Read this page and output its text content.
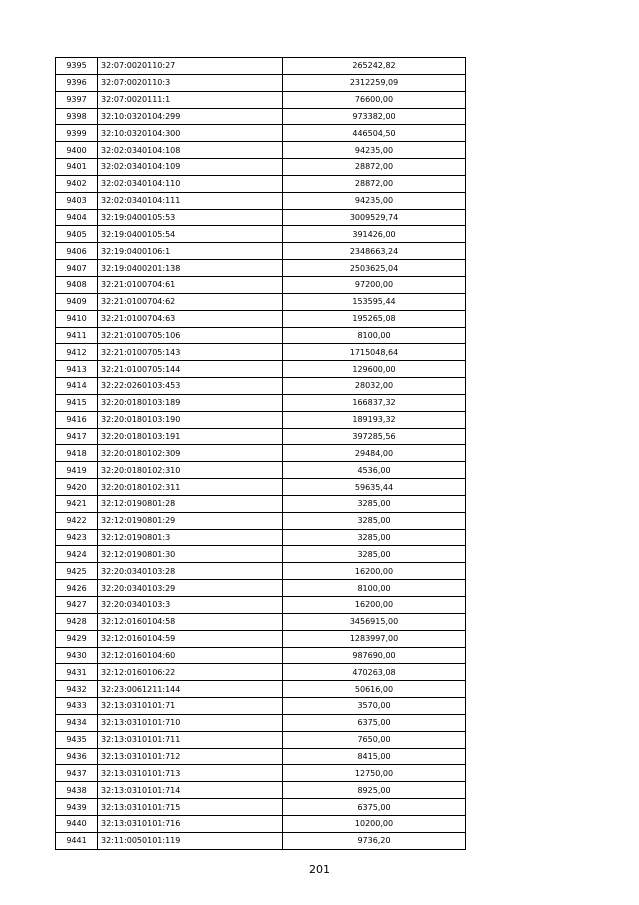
9395	32:07:0020110:27	265242,82
9396	32:07:0020110:3	2312259,09
9397	32:07:0020111:1	76600,00
9398	32:10:0320104:299	973382,00
9399	32:10:0320104:300	446504,50
9400	32:02:0340104:108	94235,00
9401	32:02:0340104:109	28872,00
9402	32:02:0340104:110	28872,00
9403	32:02:0340104:111	94235,00
9404	32:19:0400105:53	3009529,74
9405	32:19:0400105:54	391426,00
9406	32:19:0400106:1	2348663,24
9407	32:19:0400201:138	2503625,04
9408	32:21:0100704:61	97200,00
9409	32:21:0100704:62	153595,44
9410	32:21:0100704:63	195265,08
9411	32:21:0100705:106	8100,00
9412	32:21:0100705:143	1715048,64
9413	32:21:0100705:144	129600,00
9414	32:22:0260103:453	28032,00
9415	32:20:0180103:189	166837,32
9416	32:20:0180103:190	189193,32
9417	32:20:0180103:191	397285,56
9418	32:20:0180102:309	29484,00
9419	32:20:0180102:310	4536,00
9420	32:20:0180102:311	59635,44
9421	32:12:0190801:28	3285,00
9422	32:12:0190801:29	3285,00
9423	32:12:0190801:3	3285,00
9424	32:12:0190801:30	3285,00
9425	32:20:0340103:28	16200,00
9426	32:20:0340103:29	8100,00
9427	32:20:0340103:3	16200,00
9428	32:12:0160104:58	3456915,00
9429	32:12:0160104:59	1283997,00
9430	32:12:0160104:60	987690,00
9431	32:12:0160106:22	470263,08
9432	32:23:0061211:144	50616,00
9433	32:13:0310101:71	3570,00
9434	32:13:0310101:710	6375,00
9435	32:13:0310101:711	7650,00
9436	32:13:0310101:712	8415,00
9437	32:13:0310101:713	12750,00
9438	32:13:0310101:714	8925,00
9439	32:13:0310101:715	6375,00
9440	32:13:0310101:716	10200,00
9441	32:11:0050101:119	9736,20
201
